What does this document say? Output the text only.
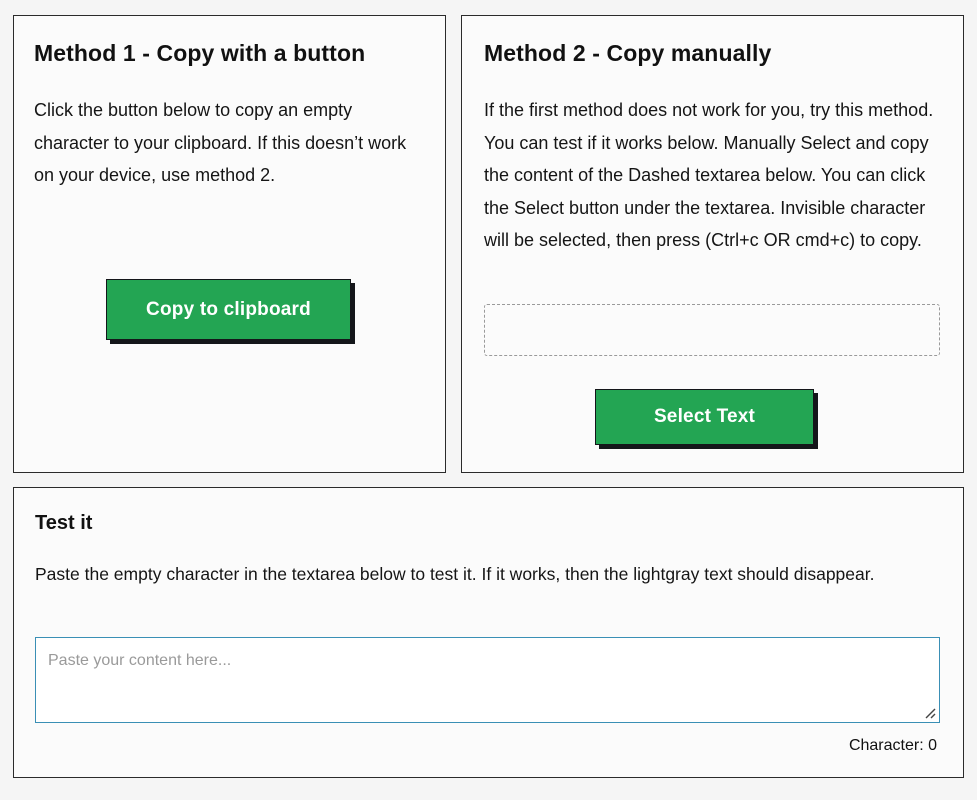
Method 1 - Copy with a button

Click the button below to copy an empty character to your clipboard. If this doesn’t work on your device, use method 2.

Copy to clipboard
Method 2 - Copy manually

If the first method does not work for you, try this method. You can test if it works below. Manually Select and copy the content of the Dashed textarea below. You can click the Select button under the textarea. Invisible character will be selected, then press (Ctrl+c OR cmd+c) to copy.

Select Text
Test it

Paste the empty character in the textarea below to test it. If it works, then the lightgray text should disappear.

Paste your content here...
Character: 0
